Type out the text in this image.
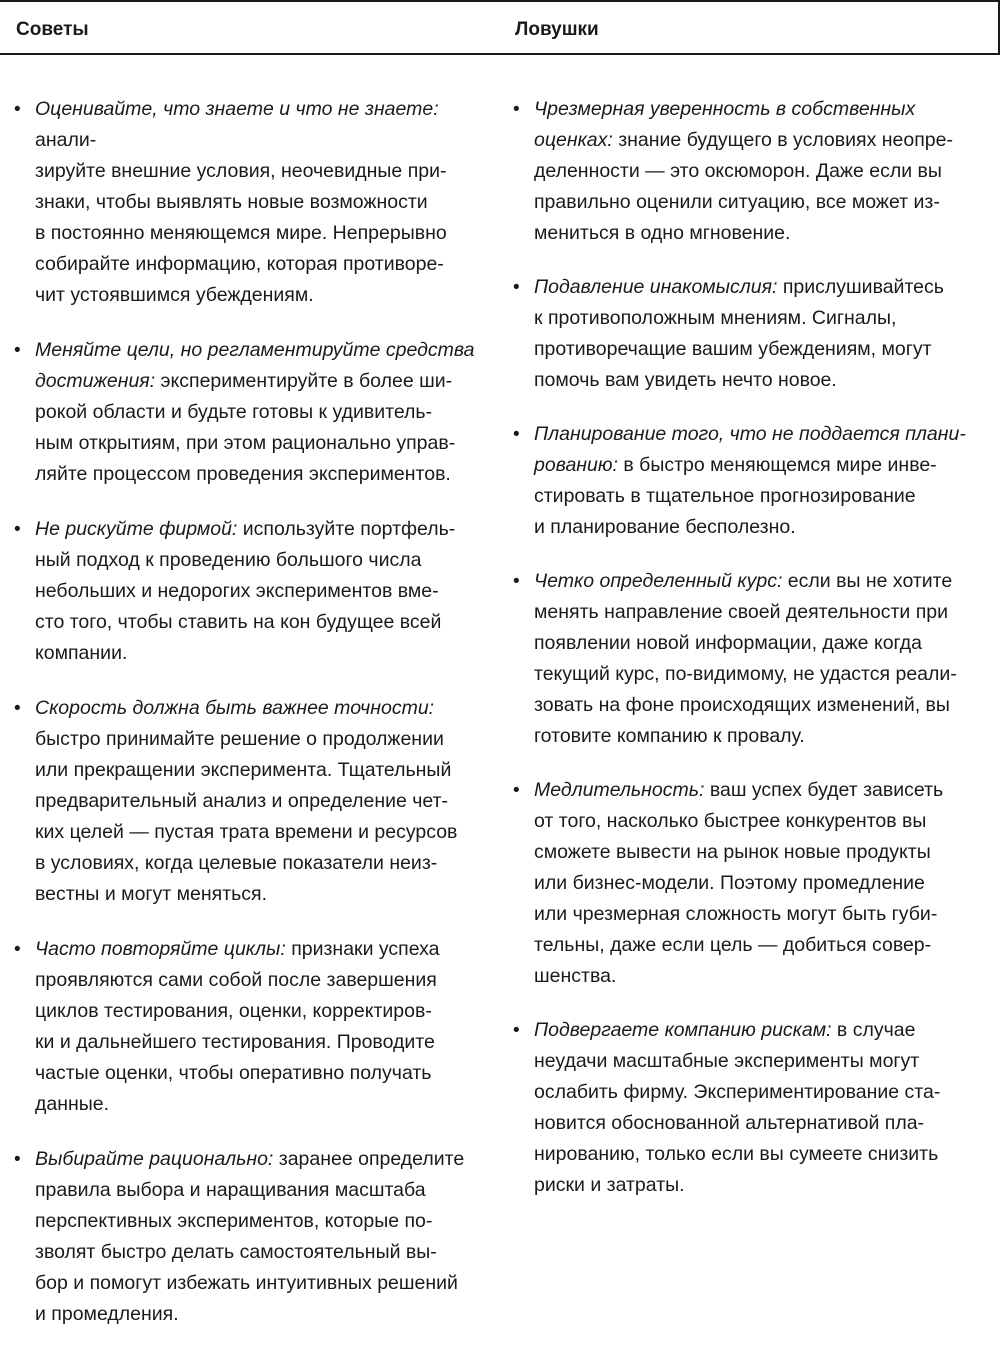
Советы	Ловушки
• Оценивайте, что знаете и что не знаете: анали-
зируйте внешние условия, неочевидные при-
знаки, чтобы выявлять новые возможности
в постоянно меняющемся мире. Непрерывно
собирайте информацию, которая противоре-
чит устоявшимся убеждениям.
• Меняйте цели, но регламентируйте средства
достижения: экспериментируйте в более ши-
рокой области и будьте готовы к удивитель-
ным открытиям, при этом рационально управ-
ляйте процессом проведения экспериментов.
• Не рискуйте фирмой: используйте портфель-
ный подход к проведению большого числа
небольших и недорогих экспериментов вме-
сто того, чтобы ставить на кон будущее всей
компании.
• Скорость должна быть важнее точности:
быстро принимайте решение о продолжении
или прекращении эксперимента. Тщательный
предварительный анализ и определение чет-
ких целей — пустая трата времени и ресурсов
в условиях, когда целевые показатели неиз-
вестны и могут меняться.
• Часто повторяйте циклы: признаки успеха
проявляются сами собой после завершения
циклов тестирования, оценки, корректиров-
ки и дальнейшего тестирования. Проводите
частые оценки, чтобы оперативно получать
данные.
• Выбирайте рационально: заранее определите
правила выбора и наращивания масштаба
перспективных экспериментов, которые по-
зволят быстро делать самостоятельный вы-
бор и помогут избежать интуитивных решений
и промедления.
• Чрезмерная уверенность в собственных
оценках: знание будущего в условиях неопре-
деленности — это оксюморон. Даже если вы
правильно оценили ситуацию, все может из-
мениться в одно мгновение.
• Подавление инакомыслия: прислушивайтесь
к противоположным мнениям. Сигналы,
противоречащие вашим убеждениям, могут
помочь вам увидеть нечто новое.
• Планирование того, что не поддается плани-
рованию: в быстро меняющемся мире инве-
стировать в тщательное прогнозирование
и планирование бесполезно.
• Четко определенный курс: если вы не хотите
менять направление своей деятельности при
появлении новой информации, даже когда
текущий курс, по-видимому, не удастся реали-
зовать на фоне происходящих изменений, вы
готовите компанию к провалу.
• Медлительность: ваш успех будет зависеть
от того, насколько быстрее конкурентов вы
сможете вывести на рынок новые продукты
или бизнес-модели. Поэтому промедление
или чрезмерная сложность могут быть губи-
тельны, даже если цель — добиться совер-
шенства.
• Подвергаете компанию рискам: в случае
неудачи масштабные эксперименты могут
ослабить фирму. Экспериментирование ста-
новится обоснованной альтернативой пла-
нированию, только если вы сумеете снизить
риски и затраты.
